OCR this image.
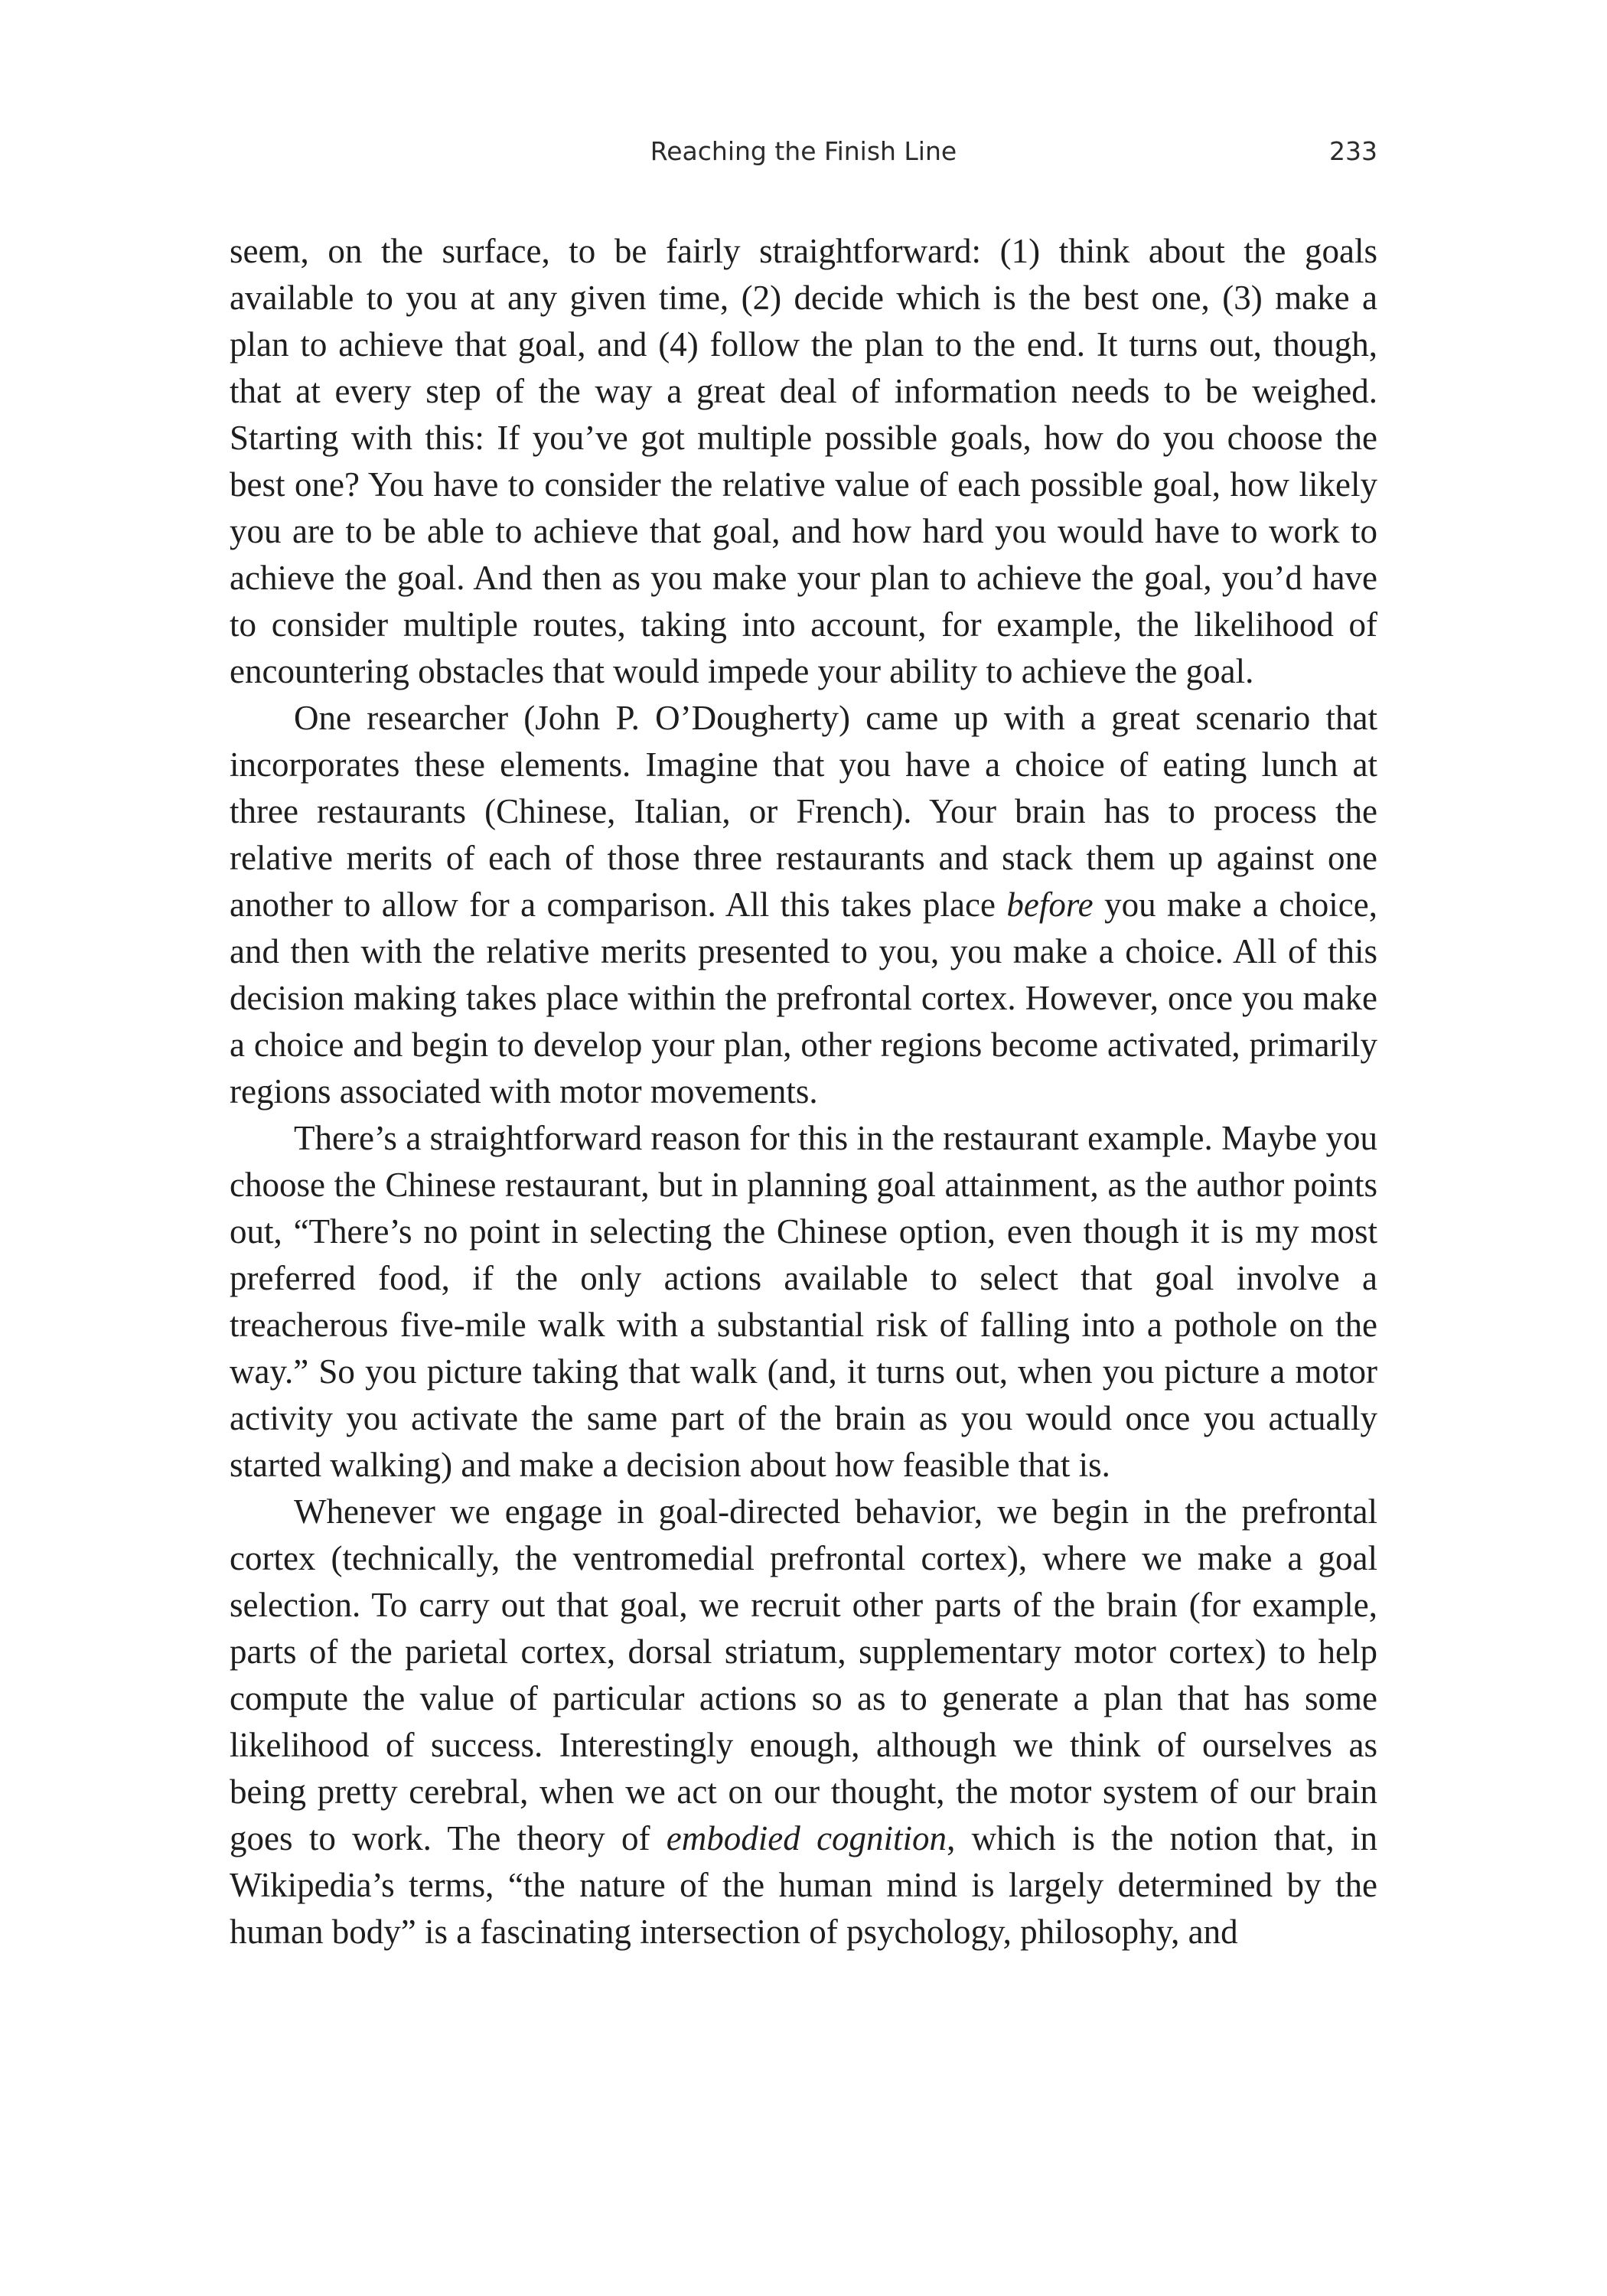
Reaching the Finish Line	233

seem, on the surface, to be fairly straightforward: (1) think about the goals available to you at any given time, (2) decide which is the best one, (3) make a plan to achieve that goal, and (4) follow the plan to the end. It turns out, though, that at every step of the way a great deal of information needs to be weighed. Starting with this: If you’ve got multiple possible goals, how do you choose the best one? You have to consider the relative value of each possible goal, how likely you are to be able to achieve that goal, and how hard you would have to work to achieve the goal. And then as you make your plan to achieve the goal, you’d have to consider multiple routes, taking into account, for example, the likelihood of encountering obstacles that would impede your ability to achieve the goal.

One researcher (John P. O’Dougherty) came up with a great scenario that incorporates these elements. Imagine that you have a choice of eating lunch at three restaurants (Chinese, Italian, or French). Your brain has to process the relative merits of each of those three restaurants and stack them up against one another to allow for a comparison. All this takes place before you make a choice, and then with the relative merits presented to you, you make a choice. All of this decision making takes place within the prefrontal cortex. However, once you make a choice and begin to develop your plan, other regions become activated, primarily regions associated with motor movements.

There’s a straightforward reason for this in the restaurant example. Maybe you choose the Chinese restaurant, but in planning goal attainment, as the author points out, “There’s no point in selecting the Chinese option, even though it is my most preferred food, if the only actions available to select that goal involve a treacherous five-mile walk with a substantial risk of falling into a pothole on the way.” So you picture taking that walk (and, it turns out, when you picture a motor activity you activate the same part of the brain as you would once you actually started walking) and make a decision about how feasible that is.

Whenever we engage in goal-directed behavior, we begin in the prefrontal cortex (technically, the ventromedial prefrontal cortex), where we make a goal selection. To carry out that goal, we recruit other parts of the brain (for example, parts of the parietal cortex, dorsal striatum, supplementary motor cortex) to help compute the value of particular actions so as to generate a plan that has some likelihood of success. Interestingly enough, although we think of ourselves as being pretty cerebral, when we act on our thought, the motor system of our brain goes to work. The theory of embodied cognition, which is the notion that, in Wikipedia’s terms, “the nature of the human mind is largely determined by the human body” is a fascinating intersection of psychology, philosophy, and
